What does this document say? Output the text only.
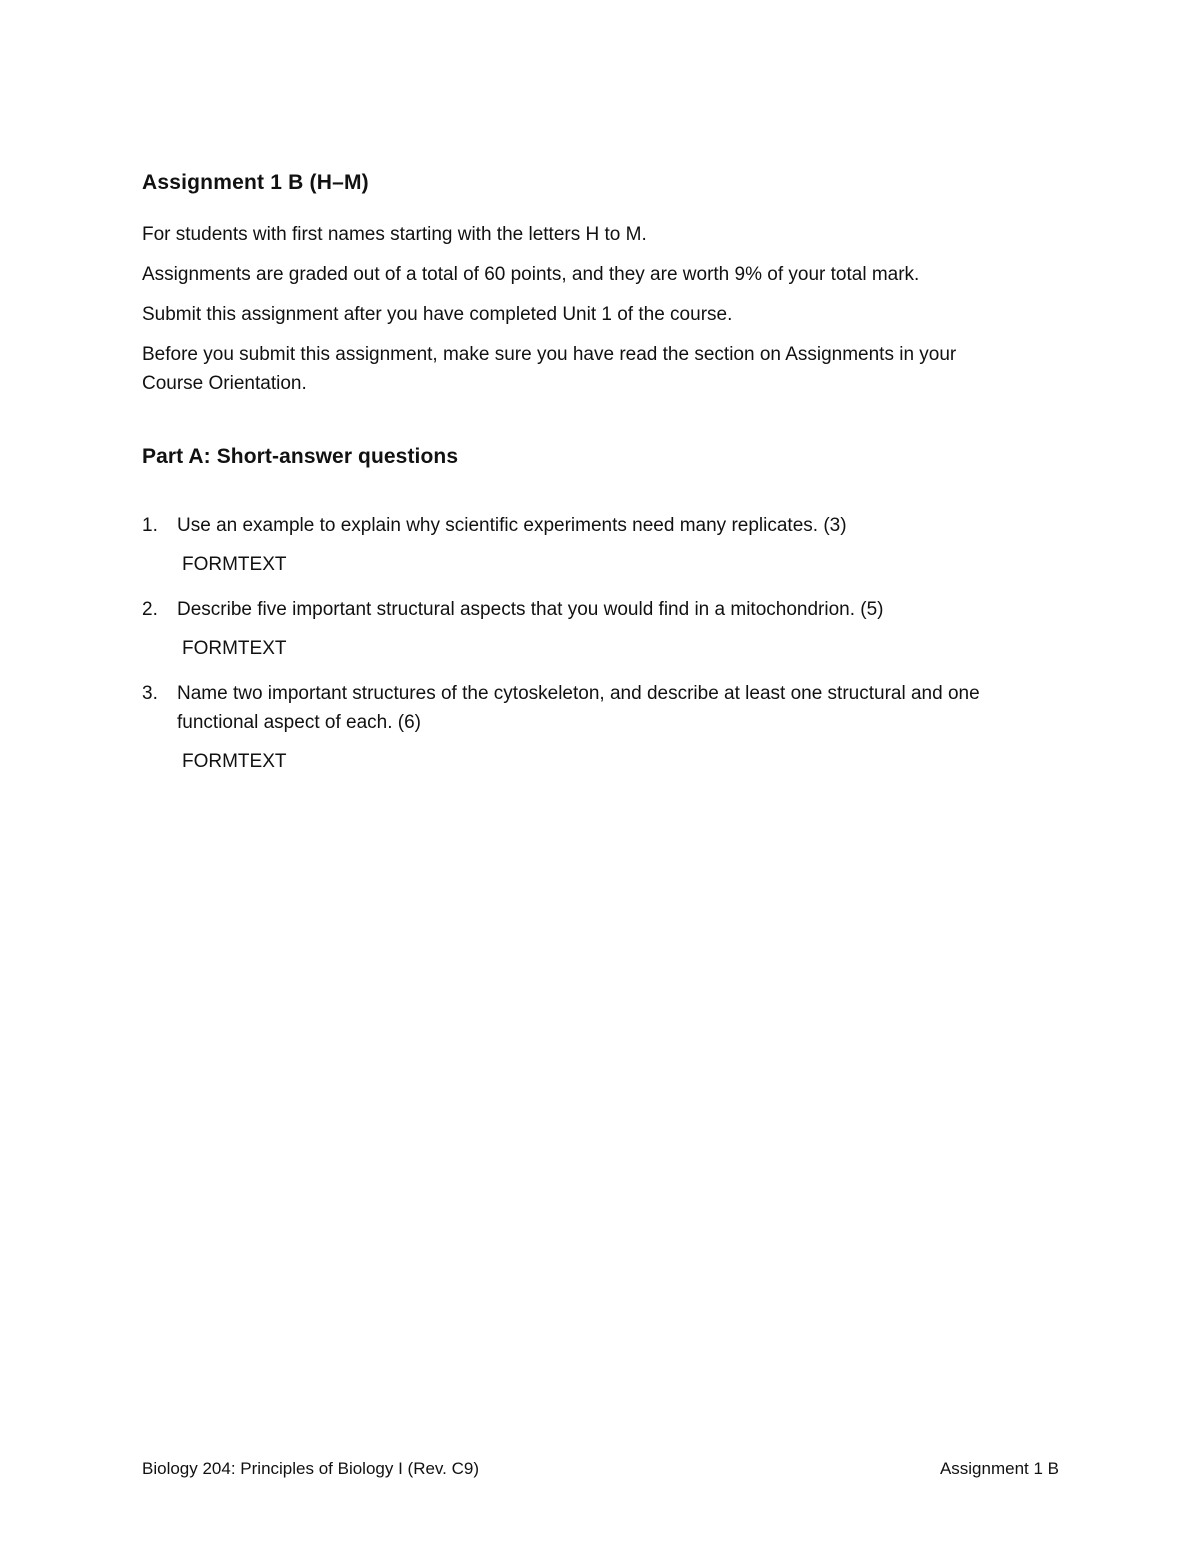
Assignment 1 B (H–M)

For students with first names starting with the letters H to M.

Assignments are graded out of a total of 60 points, and they are worth 9% of your total mark.

Submit this assignment after you have completed Unit 1 of the course.

Before you submit this assignment, make sure you have read the section on Assignments in your Course Orientation.

Part A: Short-answer questions
1. Use an example to explain why scientific experiments need many replicates. (3)
FORMTEXT
2. Describe five important structural aspects that you would find in a mitochondrion. (5)
FORMTEXT
3. Name two important structures of the cytoskeleton, and describe at least one structural and one functional aspect of each. (6)
FORMTEXT
Biology 204: Principles of Biology I (Rev. C9)	Assignment 1 B
